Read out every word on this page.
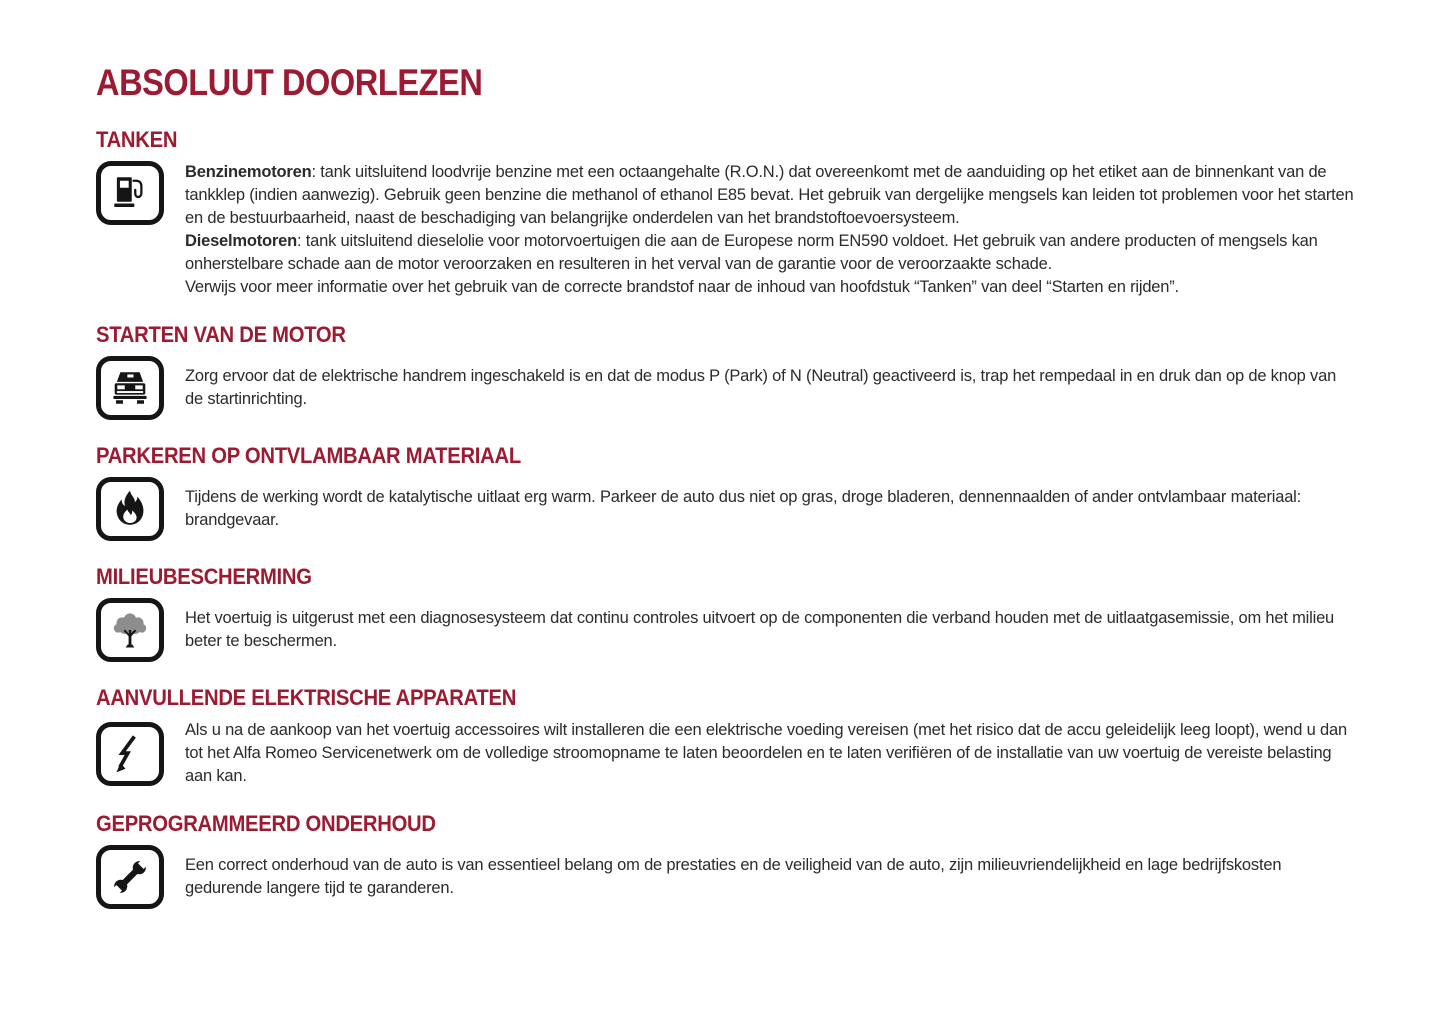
ABSOLUUT DOORLEZEN
TANKEN

Benzinemotoren: tank uitsluitend loodvrije benzine met een octaangehalte (R.O.N.) dat overeenkomt met de aanduiding op het etiket aan de binnenkant van de tankklep (indien aanwezig). Gebruik geen benzine die methanol of ethanol E85 bevat. Het gebruik van dergelijke mengsels kan leiden tot problemen voor het starten en de bestuurbaarheid, naast de beschadiging van belangrijke onderdelen van het brandstoftoevoersysteem.

Dieselmotoren: tank uitsluitend dieselolie voor motorvoertuigen die aan de Europese norm EN590 voldoet. Het gebruik van andere producten of mengsels kan onherstelbare schade aan de motor veroorzaken en resulteren in het verval van de garantie voor de veroorzaakte schade.

Verwijs voor meer informatie over het gebruik van de correcte brandstof naar de inhoud van hoofdstuk “Tanken” van deel “Starten en rijden”.

STARTEN VAN DE MOTOR

Zorg ervoor dat de elektrische handrem ingeschakeld is en dat de modus P (Park) of N (Neutral) geactiveerd is, trap het rempedaal in en druk dan op de knop van de startinrichting.

PARKEREN OP ONTVLAMBAAR MATERIAAL

Tijdens de werking wordt de katalytische uitlaat erg warm. Parkeer de auto dus niet op gras, droge bladeren, dennennaalden of ander ontvlambaar materiaal: brandgevaar.

MILIEUBESCHERMING

Het voertuig is uitgerust met een diagnosesysteem dat continu controles uitvoert op de componenten die verband houden met de uitlaatgasemissie, om het milieu beter te beschermen.

AANVULLENDE ELEKTRISCHE APPARATEN

Als u na de aankoop van het voertuig accessoires wilt installeren die een elektrische voeding vereisen (met het risico dat de accu geleidelijk leeg loopt), wend u dan tot het Alfa Romeo Servicenetwerk om de volledige stroomopname te laten beoordelen en te laten verifiëren of de installatie van uw voertuig de vereiste belasting aan kan.

GEPROGRAMMEERD ONDERHOUD

Een correct onderhoud van de auto is van essentieel belang om de prestaties en de veiligheid van de auto, zijn milieuvriendelijkheid en lage bedrijfskosten gedurende langere tijd te garanderen.
